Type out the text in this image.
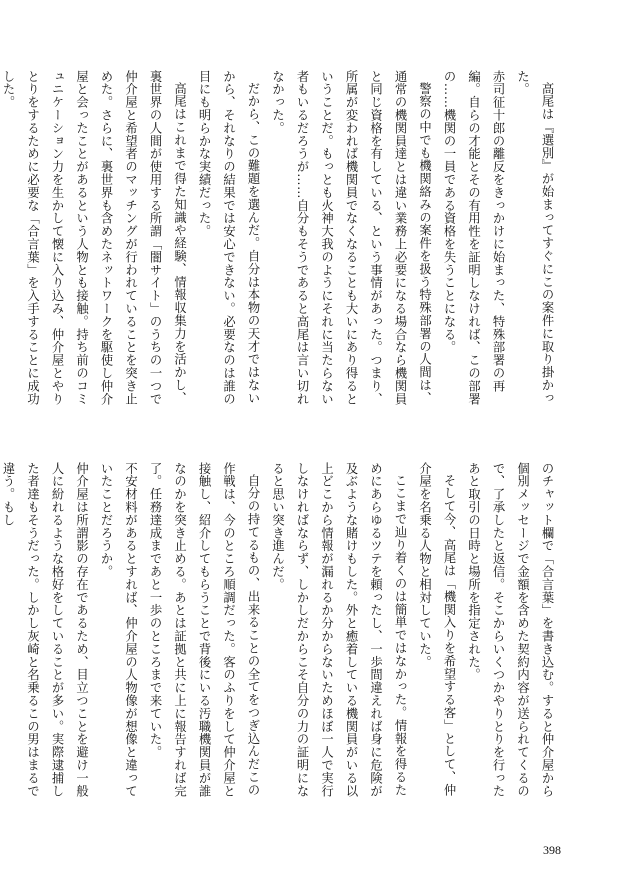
高尾は『選別』が始まってすぐにこの案件に取り掛かった。

赤司征十郎の離反をきっかけに始まった、特殊部署の再編。自らの才能とその有用性を証明しなければ、この部署の……機関の一員である資格を失うことになる。

警察の中でも機関絡みの案件を扱う特殊部署の人間は、通常の機関員達とは違い業務上必要になる場合なら機関員と同じ資格を有している、という事情があった。つまり、所属が変われば機関員でなくなることも大いにあり得るということだ。もっとも火神大我のようにそれに当たらない者もいるだろうが……自分もそうであると高尾は言い切れなかった。

だから、この難題を選んだ。自分は本物の天才ではないから、それなりの結果では安心できない。必要なのは誰の目にも明らかな実績だった。

高尾はこれまで得た知識や経験、情報収集力を活かし、裏世界の人間が使用する所謂「闇サイト」のうちの一つで仲介屋と希望者のマッチングが行われていることを突き止めた。さらに、裏世界も含めたネットワークを駆使し仲介屋と会ったことがあるという人物とも接触。持ち前のコミュニケーション力を生かして懐に入り込み、仲介屋とやりとりをするために必要な「合言葉」を入手することに成功した。

のチャット欄で「合言葉」を書き込む。すると仲介屋から個別メッセージで金額を含めた契約内容が送られてくるので、了承したと返信。そこからいくつかやりとりを行ったあと取引の日時と場所を指定された。

そして今、高尾は「機関入りを希望する客」として、仲介屋を名乗る人物と相対していた。

ここまで辿り着くのは簡単ではなかった。情報を得るためにあらゆるツテを頼ったし、一歩間違えれば身に危険が及ぶような賭けもした。外と癒着している機関員がいる以上どこから情報が漏れるか分からないためほぼ一人で実行しなければならず、しかしだからこそ自分の力の証明になると思い突き進んだ。

自分の持てるもの、出来ることの全てをつぎ込んだこの作戦は、今のところ順調だった。客のふりをして仲介屋と接触し、紹介してもらうことで背後にいる汚職機関員が誰なのかを突き止める。あとは証拠と共に上に報告すれば完了。任務達成まであと一歩のところまで来ていた。

不安材料があるとすれば、仲介屋の人物像が想像と違っていたことだろうか。

仲介屋は所謂影の存在であるため、目立つことを避け一般人に紛れるような格好をしていることが多い。実際逮捕した者達もそうだった。しかし灰崎と名乗るこの男はまるで違う。もし

398
